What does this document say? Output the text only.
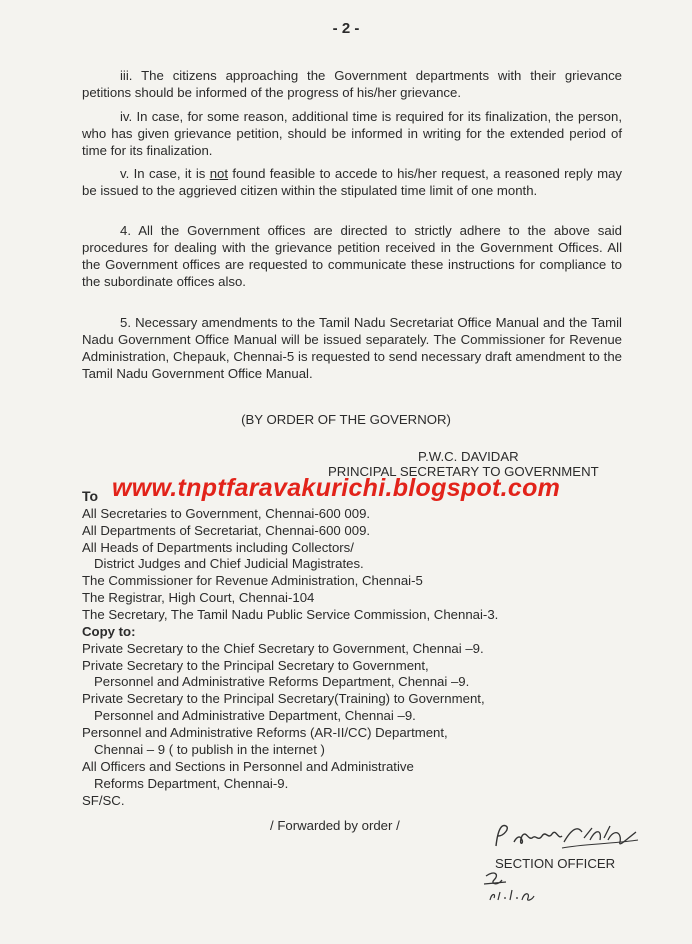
- 2 -

iii. The citizens approaching the Government departments with their grievance petitions should be informed of the progress of his/her grievance.

iv. In case, for some reason, additional time is required for its finalization, the person, who has given grievance petition, should be informed in writing for the extended period of time for its finalization.

v. In case, it is not found feasible to accede to his/her request, a reasoned reply may be issued to the aggrieved citizen within the stipulated time limit of one month.

4. All the Government offices are directed to strictly adhere to the above said procedures for dealing with the grievance petition received in the Government Offices. All the Government offices are requested to communicate these instructions for compliance to the subordinate offices also.

5. Necessary amendments to the Tamil Nadu Secretariat Office Manual and the Tamil Nadu Government Office Manual will be issued separately. The Commissioner for Revenue Administration, Chepauk, Chennai-5 is requested to send necessary draft amendment to the Tamil Nadu Government Office Manual.

(BY ORDER OF THE GOVERNOR)
P.W.C. DAVIDAR
PRINCIPAL SECRETARY TO GOVERNMENT
To www.tnptfaravakurichi.blogspot.com
All Secretaries to Government, Chennai-600 009.
All Departments of Secretariat, Chennai-600 009.
All Heads of Departments including Collectors/
District Judges and Chief Judicial Magistrates.
The Commissioner for Revenue Administration, Chennai-5
The Registrar, High Court, Chennai-104
The Secretary, The Tamil Nadu Public Service Commission, Chennai-3.
Copy to:
Private Secretary to the Chief Secretary to Government, Chennai –9.
Private Secretary to the Principal Secretary to Government,
Personnel and Administrative Reforms Department, Chennai –9.
Private Secretary to the Principal Secretary(Training) to Government,
Personnel and Administrative Department, Chennai –9.
Personnel and Administrative Reforms (AR-II/CC) Department,
Chennai – 9 ( to publish in the internet )
All Officers and Sections in Personnel and Administrative
Reforms Department, Chennai-9.
SF/SC.
/ Forwarded by order /
SECTION OFFICER
